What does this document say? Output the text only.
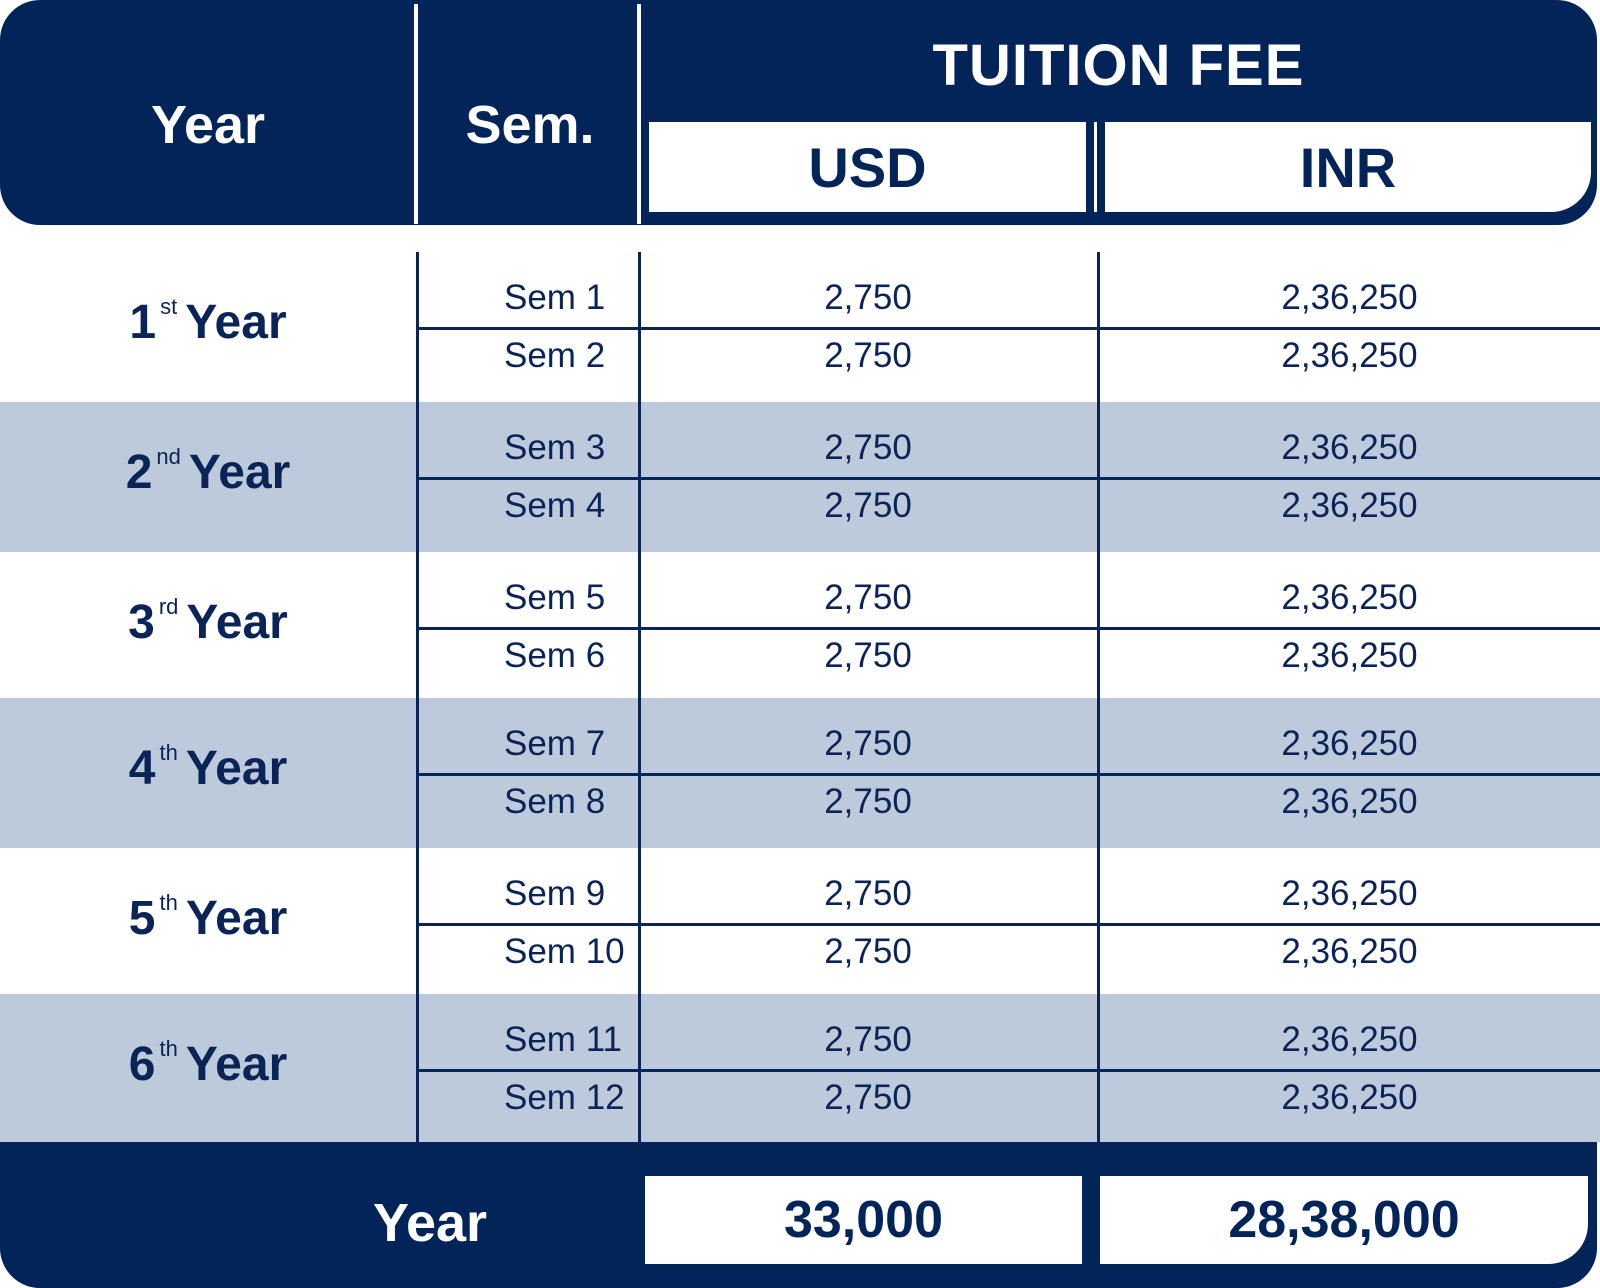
Year	Sem.
TUITION FEE
USD	INR
1 $^{st}$ Year	Sem 1	2,750	2,36,250
Sem 2	2,750	2,36,250
2 $^{nd}$ Year	Sem 3	2,750	2,36,250
Sem 4	2,750	2,36,250
3 $^{rd}$ Year	Sem 5	2,750	2,36,250
Sem 6	2,750	2,36,250
4 $^{th}$ Year	Sem 7	2,750	2,36,250
Sem 8	2,750	2,36,250
5 $^{th}$ Year	Sem 9	2,750	2,36,250
Sem 10	2,750	2,36,250
6 $^{th}$ Year	Sem 11	2,750	2,36,250
Sem 12	2,750	2,36,250
Year	33,000	28,38,000
